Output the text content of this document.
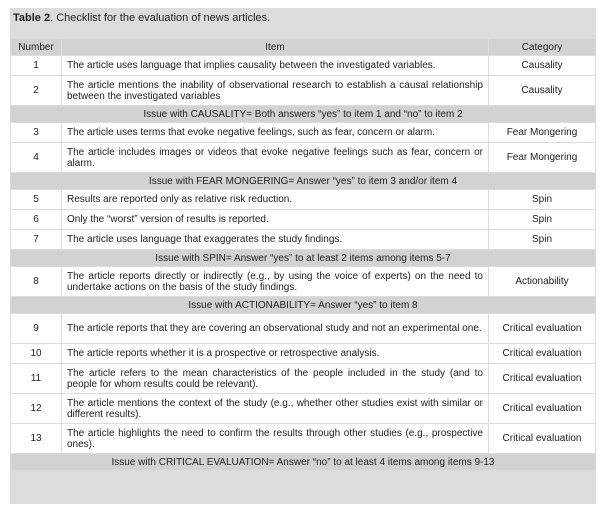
Table 2. Checklist for the evaluation of news articles.
Number	Item	Category
1	The article uses language that implies causality between the investigated variables.	Causality
2	The article mentions the inability of observational research to establish a causal relationship between the investigated variables	Causality
Issue with CAUSALITY= Both answers “yes” to item 1 and “no” to item 2		
3	The article uses terms that evoke negative feelings, such as fear, concern or alarm.	Fear Mongering
4	The article includes images or videos that evoke negative feelings such as fear, concern or alarm.	Fear Mongering
Issue with FEAR MONGERING= Answer “yes” to item 3 and/or item 4		
5	Results are reported only as relative risk reduction.	Spin
6	Only the “worst” version of results is reported.	Spin
7	The article uses language that exaggerates the study findings.	Spin
Issue with SPIN= Answer “yes” to at least 2 items among items 5-7		
8	The article reports directly or indirectly (e.g., by using the voice of experts) on the need to undertake actions on the basis of the study findings.	Actionability
Issue with ACTIONABILITY= Answer “yes” to item 8		
9	The article reports that they are covering an observational study and not an experimental one.	Critical evaluation
10	The article reports whether it is a prospective or retrospective analysis.	Critical evaluation
11	The article refers to the mean characteristics of the people included in the study (and to people for whom results could be relevant).	Critical evaluation
12	The article mentions the context of the study (e.g., whether other studies exist with similar or different results).	Critical evaluation
13	The article highlights the need to confirm the results through other studies (e.g., prospective ones).	Critical evaluation
Issue with CRITICAL EVALUATION= Answer “no” to at least 4 items among items 9-13		
